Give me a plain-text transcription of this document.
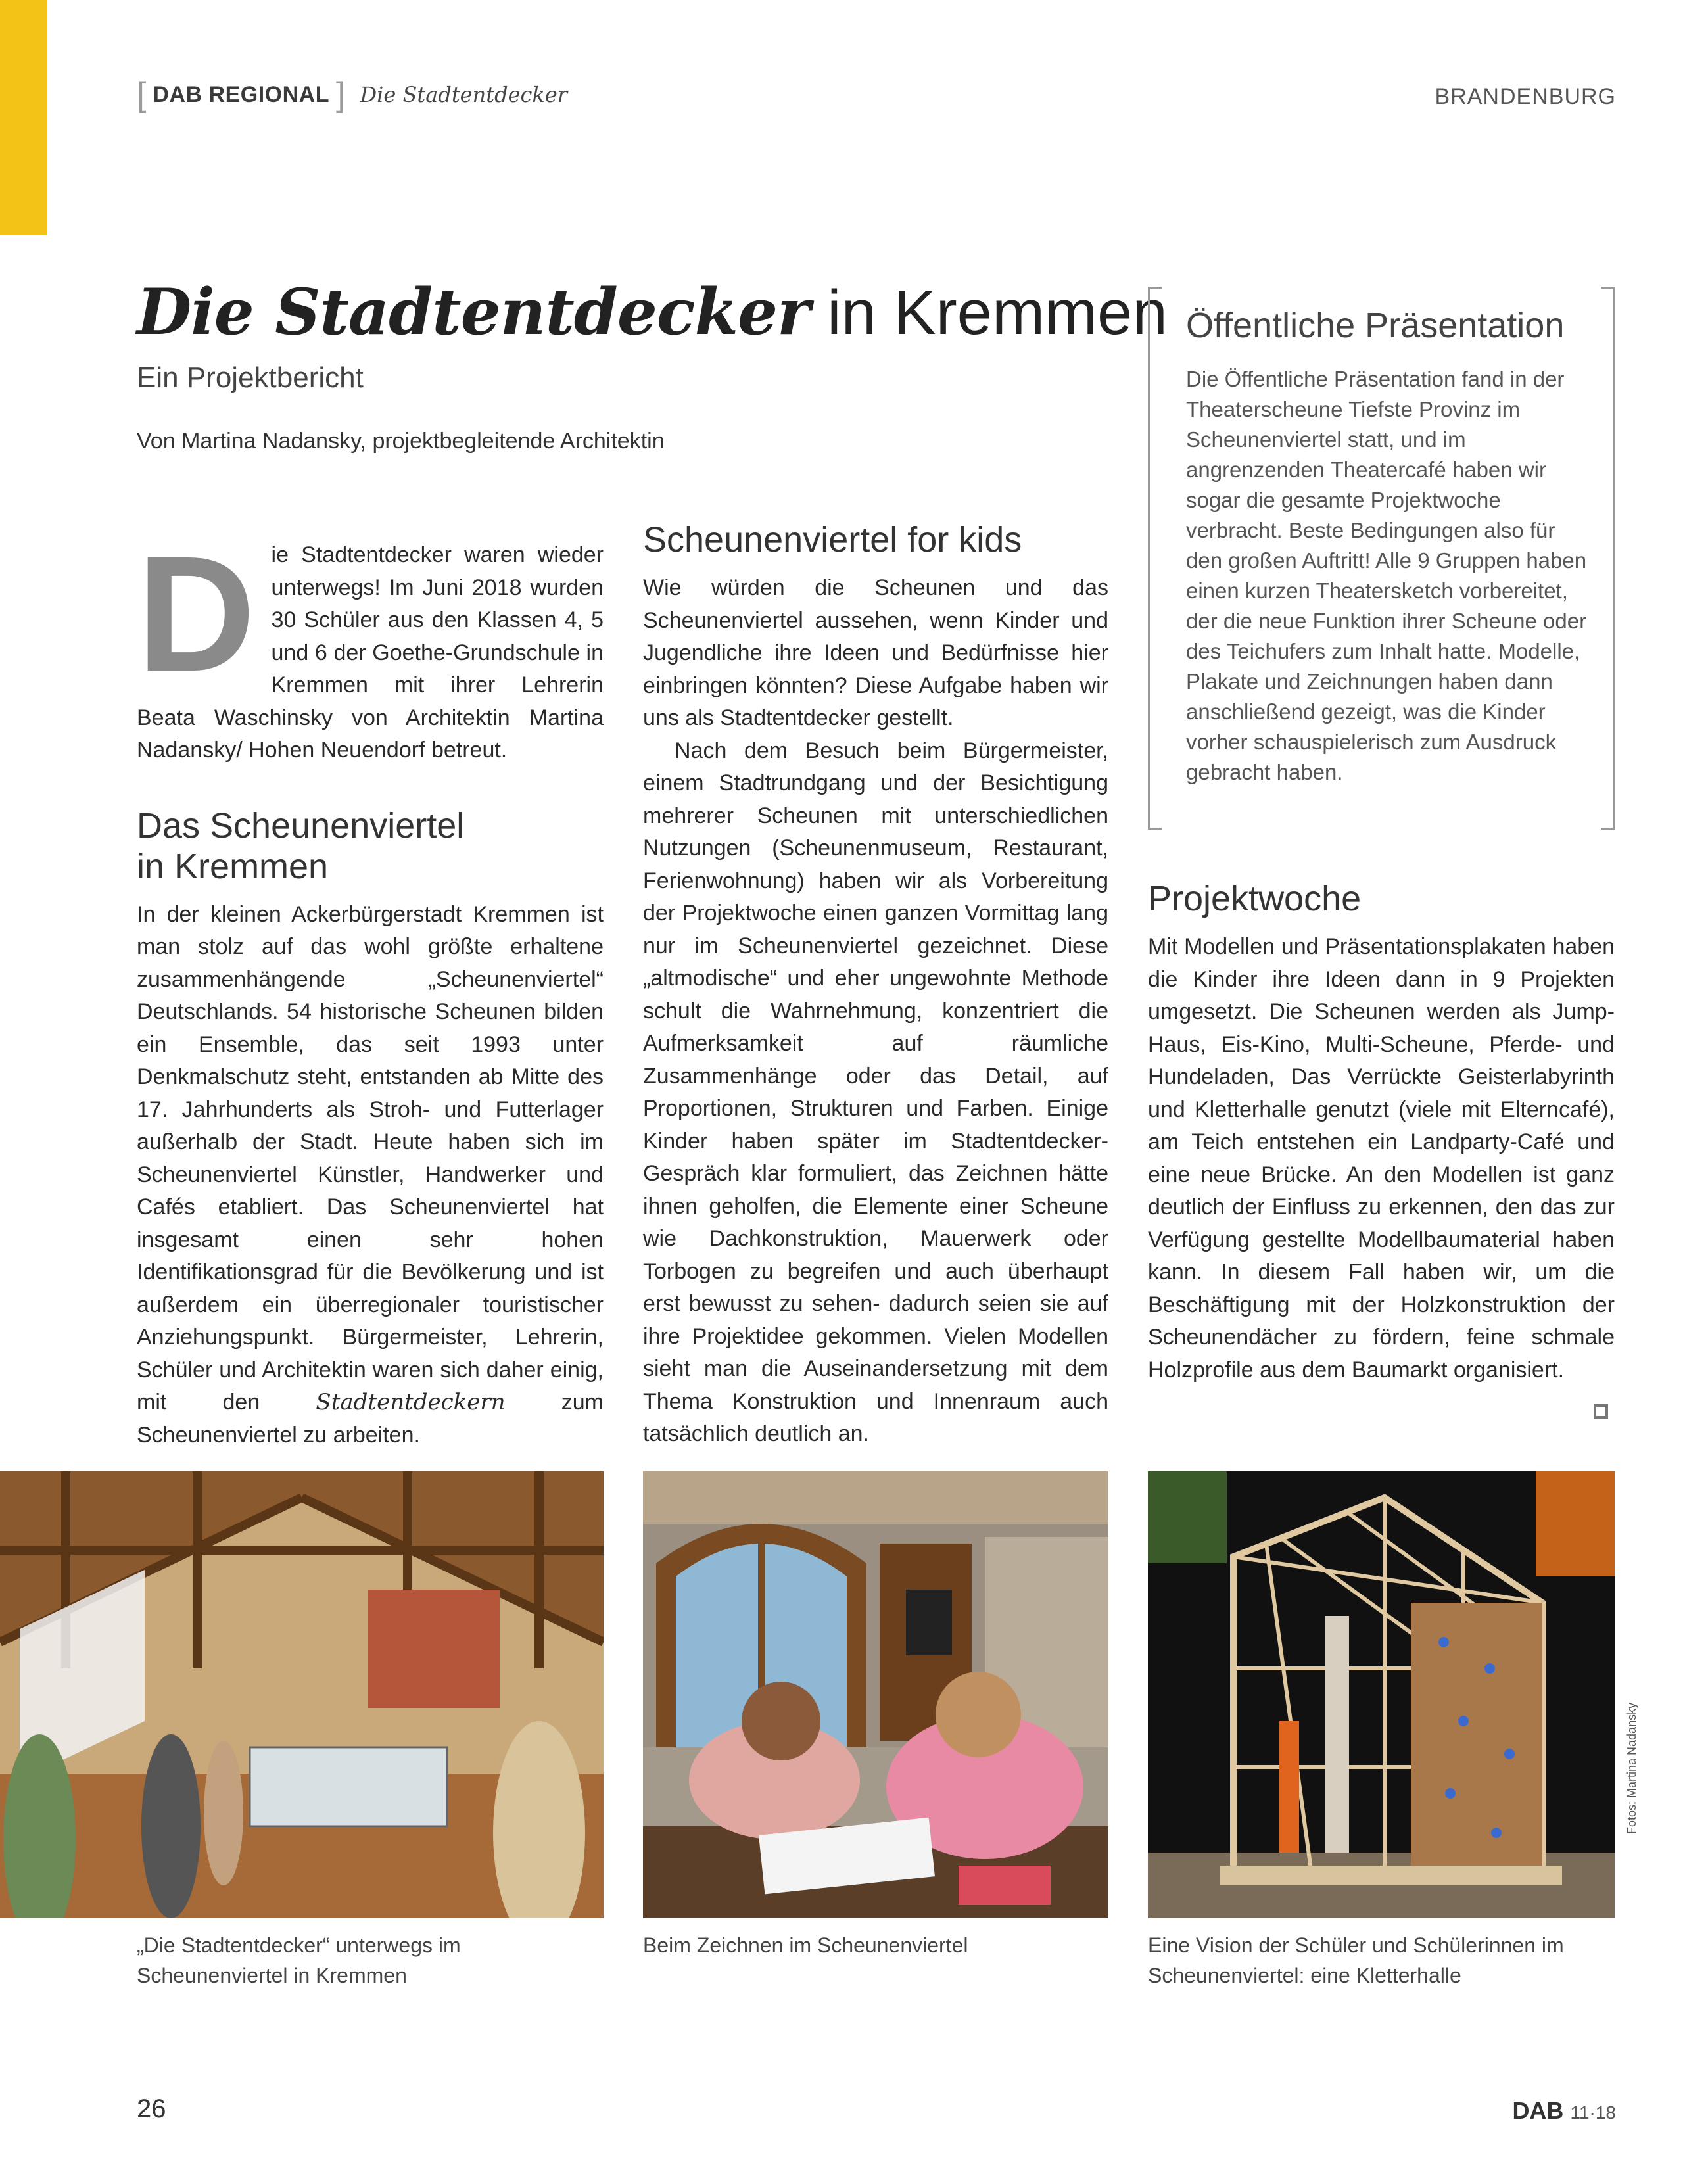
[ DAB REGIONAL ] Die Stadtentdecker	BRANDENBURG
Die Stadtentdecker in Kremmen
Ein Projektbericht
Von Martina Nadansky, projektbegleitende Architektin

Die Stadtentdecker waren wieder unterwegs! Im Juni 2018 wurden 30 Schüler aus den Klassen 4, 5 und 6 der Goethe-Grundschule in Kremmen mit ihrer Lehrerin Beata Waschinsky von Architektin Martina Nadansky/ Hohen Neuendorf betreut.

Das Scheunenviertel
in Kremmen

In der kleinen Ackerbürgerstadt Kremmen ist man stolz auf das wohl größte erhaltene zusammenhängende „Scheunenviertel“ Deutschlands. 54 historische Scheunen bilden ein Ensemble, das seit 1993 unter Denkmalschutz steht, entstanden ab Mitte des 17. Jahrhunderts als Stroh- und Futterlager außerhalb der Stadt. Heute haben sich im Scheunenviertel Künstler, Handwerker und Cafés etabliert. Das Scheunenviertel hat insgesamt einen sehr hohen Identifikationsgrad für die Bevölkerung und ist außerdem ein überregionaler touristischer Anziehungspunkt. Bürgermeister, Lehrerin, Schüler und Architektin waren sich daher einig, mit den Stadtentdeckern zum Scheunenviertel zu arbeiten.

Scheunenviertel for kids

Wie würden die Scheunen und das Scheunenviertel aussehen, wenn Kinder und Jugendliche ihre Ideen und Bedürfnisse hier einbringen könnten? Diese Aufgabe haben wir uns als Stadtentdecker gestellt.

Nach dem Besuch beim Bürgermeister, einem Stadtrundgang und der Besichtigung mehrerer Scheunen mit unterschiedlichen Nutzungen (Scheunenmuseum, Restaurant, Ferienwohnung) haben wir als Vorbereitung der Projektwoche einen ganzen Vormittag lang nur im Scheunenviertel gezeichnet. Diese „altmodische“ und eher ungewohnte Methode schult die Wahrnehmung, konzentriert die Aufmerksamkeit auf räumliche Zusammenhänge oder das Detail, auf Proportionen, Strukturen und Farben. Einige Kinder haben später im Stadtentdecker-Gespräch klar formuliert, das Zeichnen hätte ihnen geholfen, die Elemente einer Scheune wie Dachkonstruktion, Mauerwerk oder Torbogen zu begreifen und auch überhaupt erst bewusst zu sehen- dadurch seien sie auf ihre Projektidee gekommen. Vielen Modellen sieht man die Auseinandersetzung mit dem Thema Konstruktion und Innenraum auch tatsächlich deutlich an.

Öffentliche Präsentation
Die Öffentliche Präsentation fand in der Theaterscheune Tiefste Provinz im Scheunenviertel statt, und im angrenzenden Theatercafé haben wir sogar die gesamte Projektwoche verbracht. Beste Bedingungen also für den großen Auftritt! Alle 9 Gruppen haben einen kurzen Theatersketch vorbereitet, der die neue Funktion ihrer Scheune oder des Teichufers zum Inhalt hatte. Modelle, Plakate und Zeichnungen haben dann anschließend gezeigt, was die Kinder vorher schauspielerisch zum Ausdruck gebracht haben.
Projektwoche

Mit Modellen und Präsentationsplakaten haben die Kinder ihre Ideen dann in 9 Projekten umgesetzt. Die Scheunen werden als Jump-Haus, Eis-Kino, Multi-Scheune, Pferde- und Hundeladen, Das Verrückte Geisterlabyrinth und Kletterhalle genutzt (viele mit Elterncafé), am Teich entstehen ein Landparty-Café und eine neue Brücke. An den Modellen ist ganz deutlich der Einfluss zu erkennen, den das zur Verfügung gestellte Modellbaumaterial haben kann. In diesem Fall haben wir, um die Beschäftigung mit der Holzkonstruktion der Scheunendächer zu fördern, feine schmale Holzprofile aus dem Baumarkt organisiert.

Fotos: Martina Nadansky
„Die Stadtentdecker“ unterwegs im Scheunenviertel in Kremmen
Beim Zeichnen im Scheunenviertel	Eine Vision der Schüler und Schülerinnen im Scheunenviertel: eine Kletterhalle
26	DAB 11·18
